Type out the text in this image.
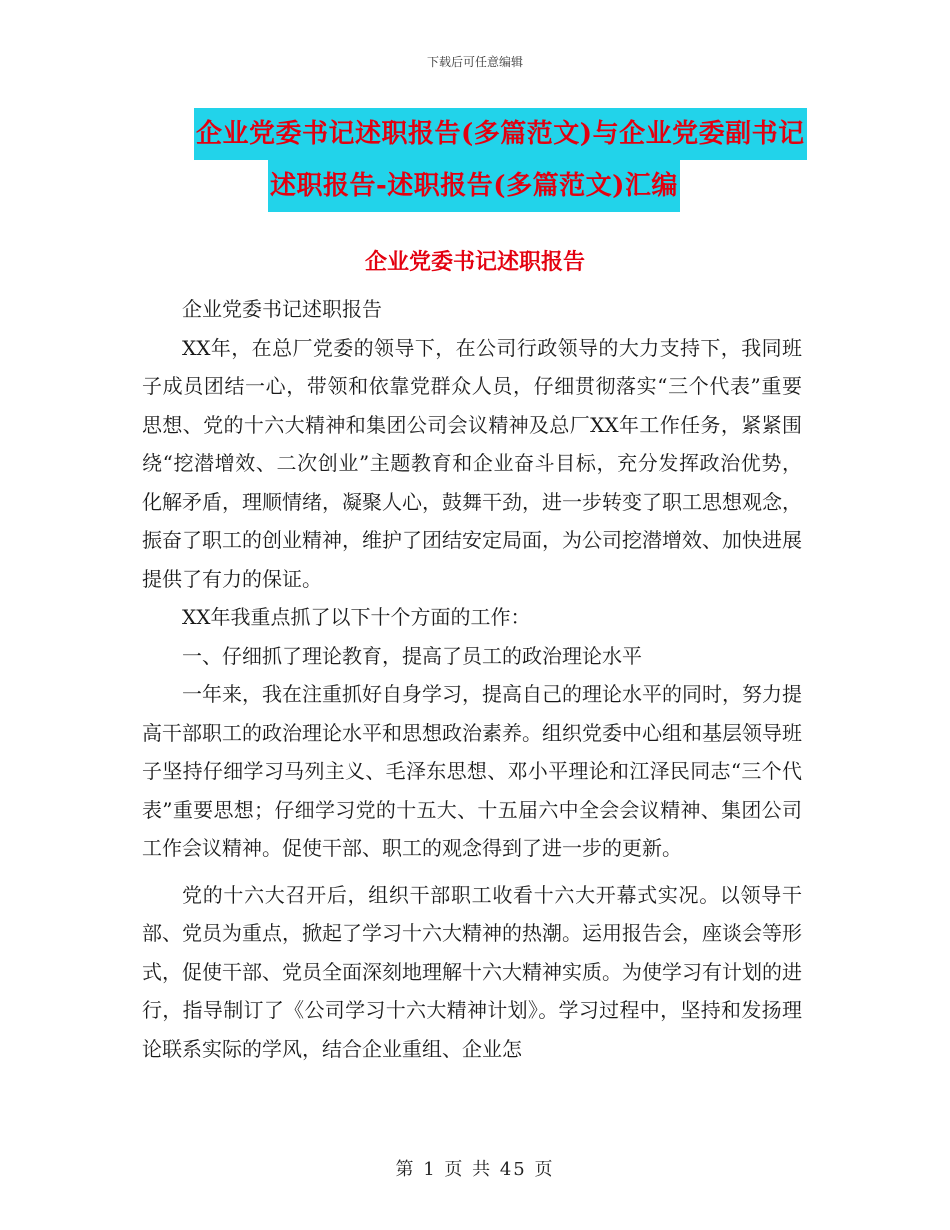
下载后可任意编辑
企业党委书记述职报告(多篇范文)与企业党委副书记
述职报告-述职报告(多篇范文)汇编
企业党委书记述职报告

企业党委书记述职报告

XX年，在总厂党委的领导下，在公司行政领导的大力支持下，我同班子成员团结一心，带领和依靠党群众人员，仔细贯彻落实“三个代表”重要思想、党的十六大精神和集团公司会议精神及总厂XX年工作任务，紧紧围绕“挖潜增效、二次创业”主题教育和企业奋斗目标，充分发挥政治优势，化解矛盾，理顺情绪，凝聚人心，鼓舞干劲，进一步转变了职工思想观念，振奋了职工的创业精神，维护了团结安定局面，为公司挖潜增效、加快进展提供了有力的保证。

XX年我重点抓了以下十个方面的工作：

一、仔细抓了理论教育，提高了员工的政治理论水平

一年来，我在注重抓好自身学习，提高自己的理论水平的同时，努力提高干部职工的政治理论水平和思想政治素养。组织党委中心组和基层领导班子坚持仔细学习马列主义、毛泽东思想、邓小平理论和江泽民同志“三个代表”重要思想；仔细学习党的十五大、十五届六中全会会议精神、集团公司工作会议精神。促使干部、职工的观念得到了进一步的更新。

党的十六大召开后，组织干部职工收看十六大开幕式实况。以领导干部、党员为重点，掀起了学习十六大精神的热潮。运用报告会，座谈会等形式，促使干部、党员全面深刻地理解十六大精神实质。为使学习有计划的进行，指导制订了《公司学习十六大精神计划》。学习过程中，坚持和发扬理论联系实际的学风，结合企业重组、企业怎

第 1 页 共 45 页
